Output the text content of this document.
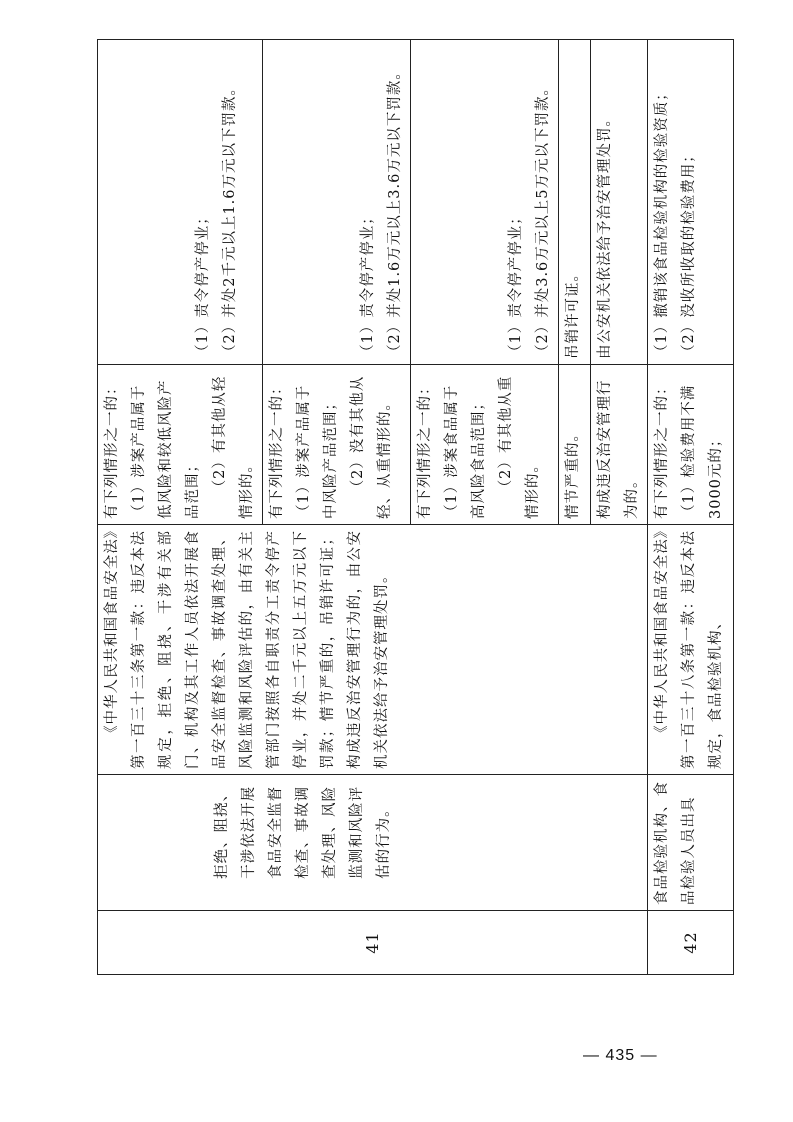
41	拒绝、阻挠、干涉依法开展食品安全监督检查、事故调查处理、风险监测和风险评估的行为。	《中华人民共和国食品安全法》第一百三十三条第一款：违反本法规定，拒绝、阻挠、干涉有关部门、机构及其工作人员依法开展食品安全监督检查、事故调查处理、风险监测和风险评估的，由有关主管部门按照各自职责分工责令停产停业，并处二千元以上五万元以下罚款；情节严重的，吊销许可证；构成违反治安管理行为的，由公安机关依法给予治安管理处罚。	有下列情形之一的： （1）涉案产品属于低风险和较低风险产品范围； （2）有其他从轻情形的。	（1）责令停产停业； （2）并处2千元以上1.6万元以下罚款。

			有下列情形之一的： （1）涉案产品属于中风险产品范围； （2）没有其他从轻、从重情形的。	（1）责令停产停业； （2）并处1.6万元以上3.6万元以下罚款。

			有下列情形之一的： （1）涉案食品属于高风险食品范围； （2）有其他从重情形的。	（1）责令停产停业； （2）并处3.6万元以上5万元以下罚款。

			情节严重的。	吊销许可证。

			构成违反治安管理行为的。	由公安机关依法给予治安管理处罚。

42	食品检验机构、食品检验人员出具	《中华人民共和国食品安全法》第一百三十八条第一款：违反本法规定，食品检验机构、	有下列情形之一的： （1）检验费用不满3000元的；	（1）撤销该食品检验机构的检验资质； （2）没收所收取的检验费用；
— 435 —
